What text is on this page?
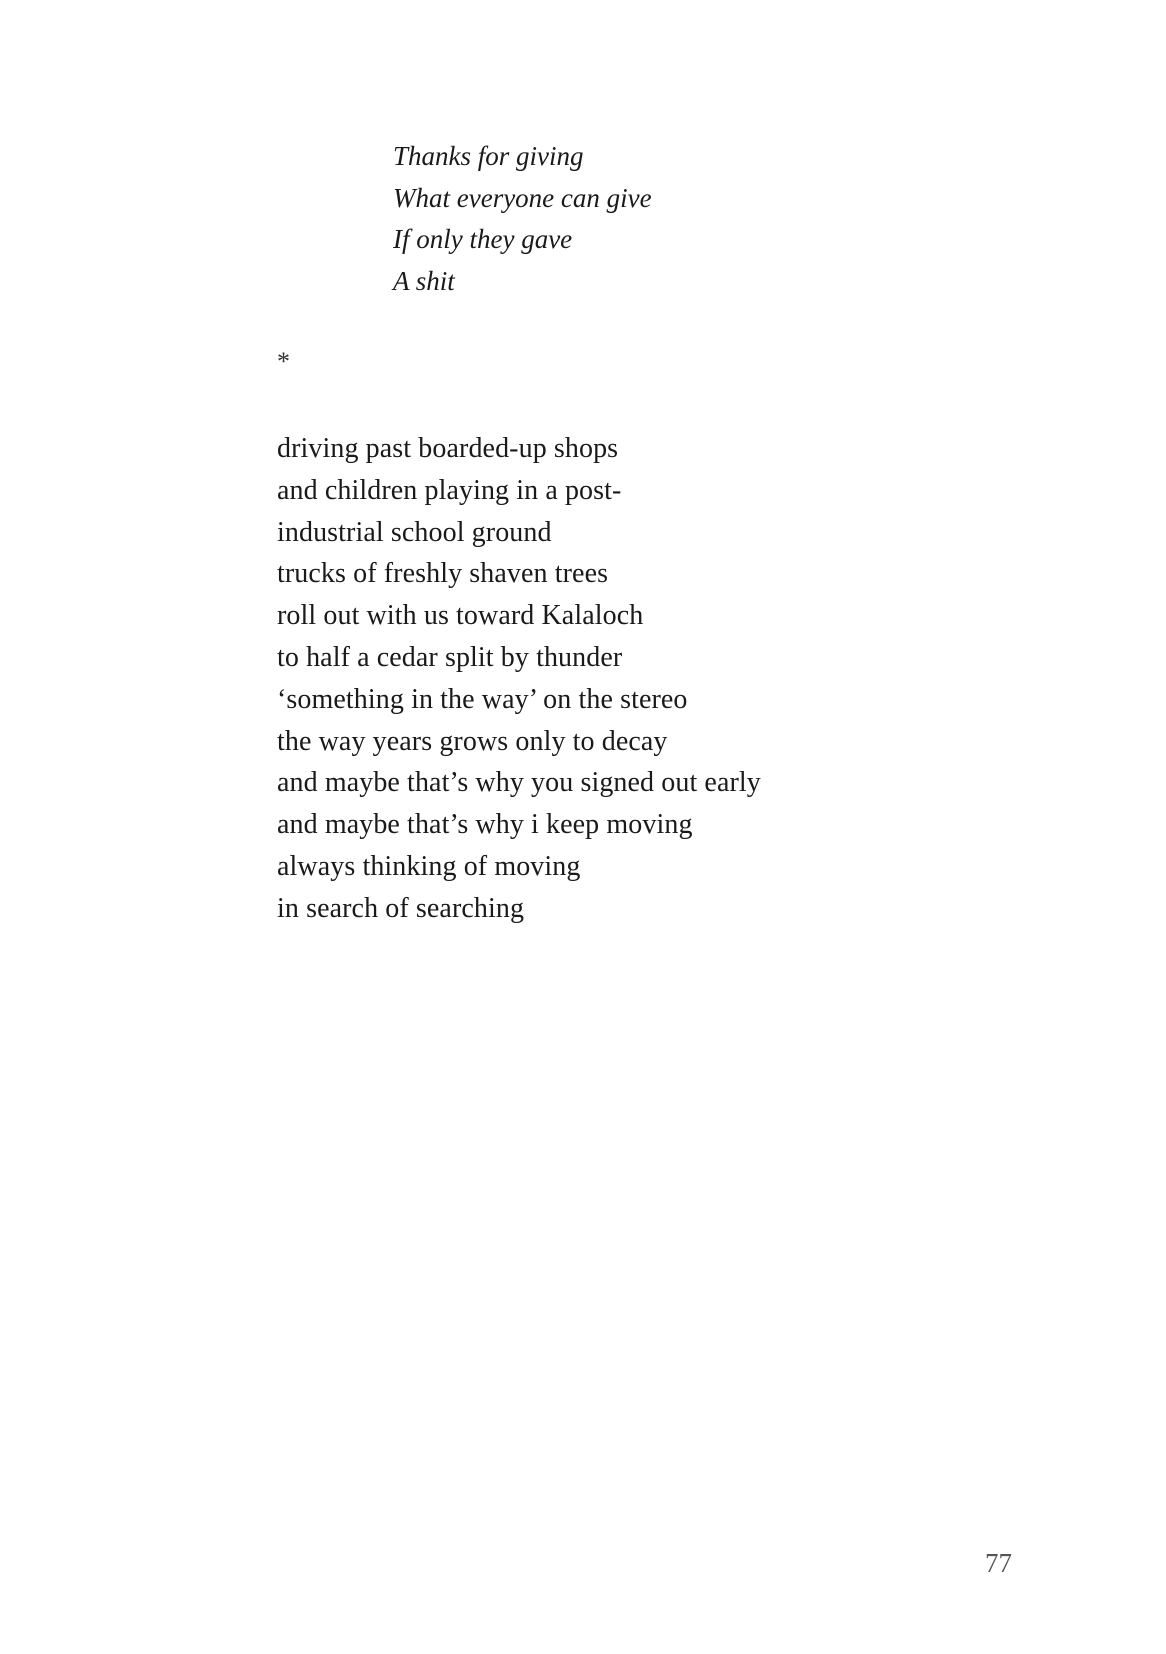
Thanks for giving
What everyone can give
If only they gave
A shit
*
driving past boarded-up shops
and children playing in a post-
industrial school ground
trucks of freshly shaven trees
roll out with us toward Kalaloch
to half a cedar split by thunder
‘something in the way’ on the stereo
the way years grows only to decay
and maybe that’s why you signed out early
and maybe that’s why i keep moving
always thinking of moving
in search of searching
77
